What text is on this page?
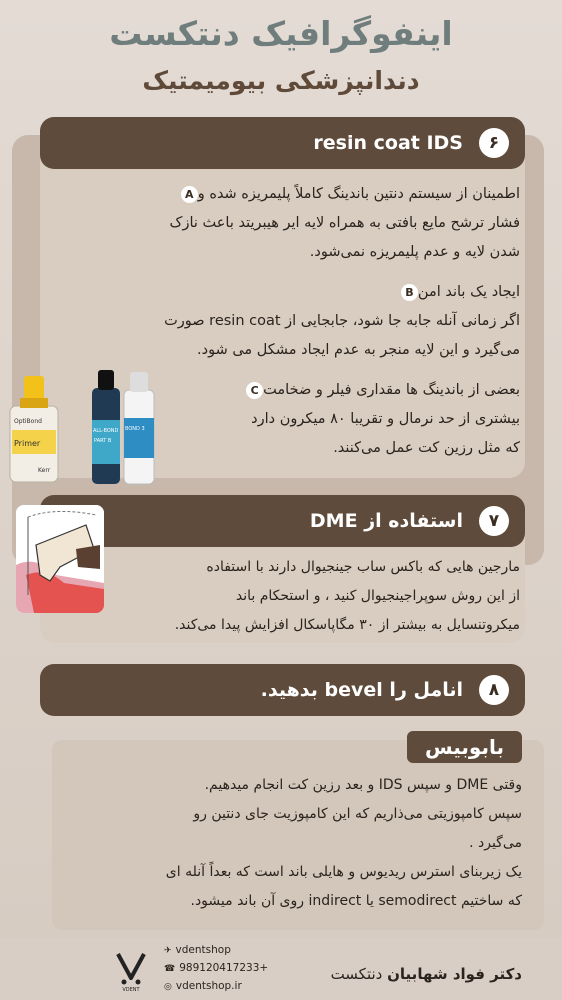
اینفوگرافیک دنتکست
دندانپزشکی بیومیمتیک
۶
resin coat IDS
اطمینان از سیستم دنتین باندینگ کاملاً پلیمریزه شده وA
فشار ترشح مایع بافتی به همراه لایه ایر هیبریتد باعث نازک
شدن لایه و عدم پلیمریزه نمی‌شود.
ایجاد یک باند امنB
اگر زمانی آنله جابه جا شود، جابجایی از resin coat صورت
می‌گیرد و این لایه منجر به عدم ایجاد مشکل می شود.
بعضی از باندینگ ها مقداری فیلر و ضخامتC
بیشتری از حد نرمال و تقریبا ۸۰ میکرون دارد
که مثل رزین کت عمل می‌کنند.
OptiBond
Primer
Kerr
ALL-BOND
PART B
BOND 3
۷
استفاده از DME
مارجین هایی که باکس ساب جینجیوال دارند با استفاده
از این روش سوپراجینجیوال کنید ، و استحکام باند
میکروتنسایل به بیشتر از ۳۰ مگاپاسکال افزایش پیدا می‌کند.
۸
انامل را bevel بدهید.
بابوبیس
وقتی DME و سپس IDS و بعد رزین کت انجام میدهیم.
سپس کامپوزیتی می‌ذاریم که این کامپوزیت جای دنتین رو
می‌گیرد .
یک زیربنای استرس ریدیوس و هایلی باند است که بعداً آنله ای
که ساختیم semodirect یا indirect روی آن باند میشود.
VDENT
✈ vdentshop
☎ 989120417233+
◎ vdentshop.ir
دکتر فواد شهابیان دنتکست
